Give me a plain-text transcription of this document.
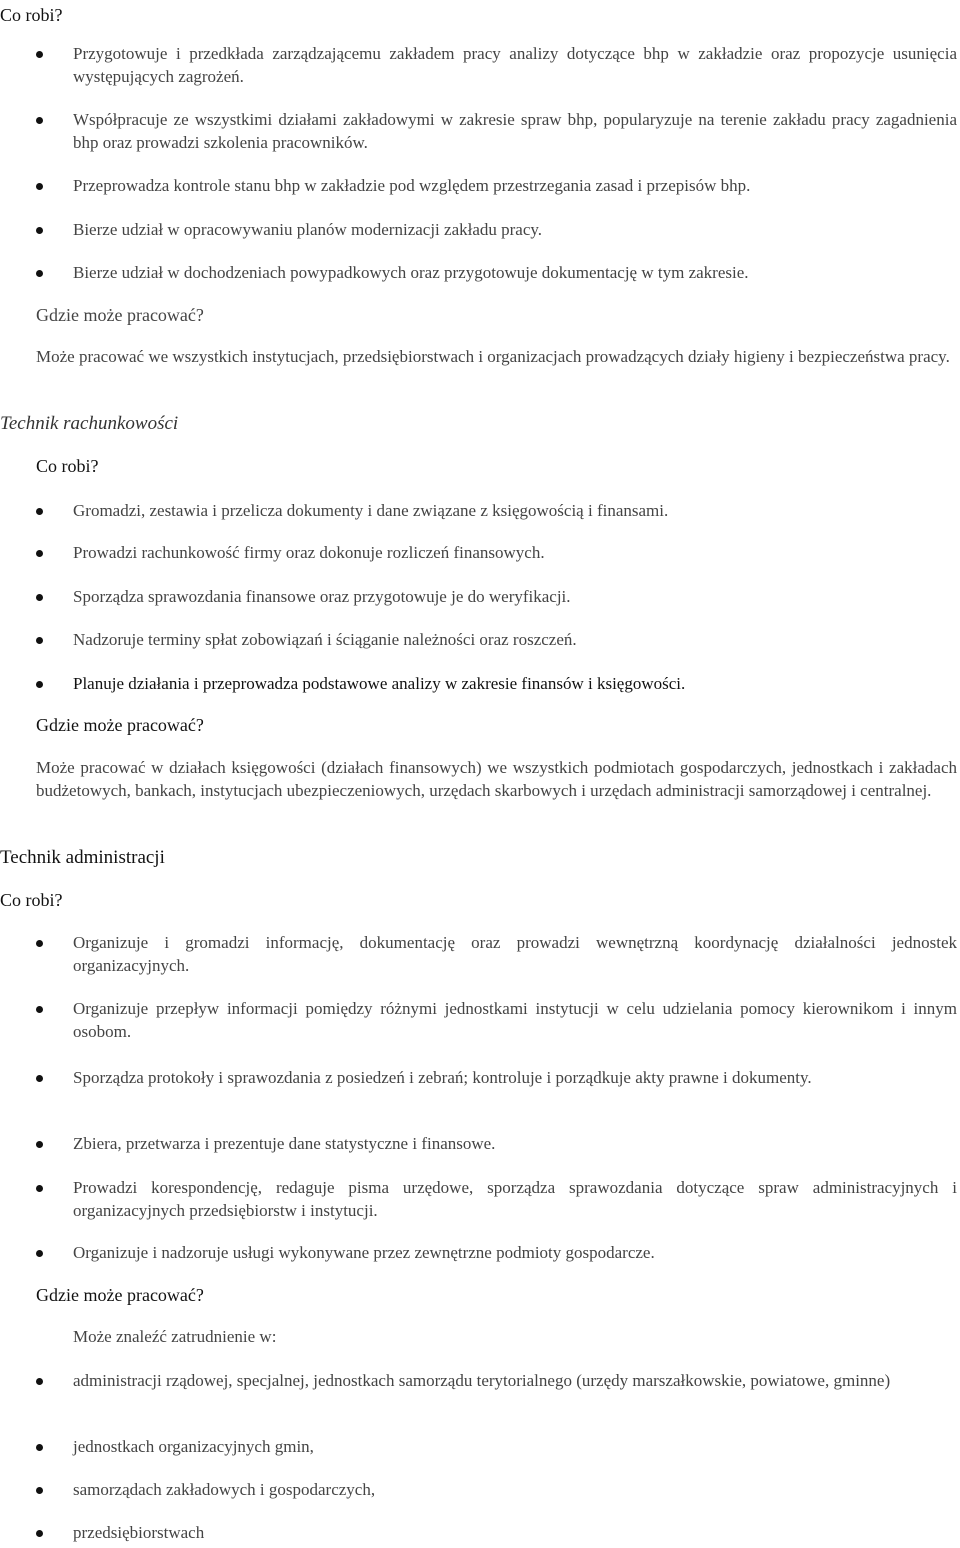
Co robi?

Przygotowuje i przedkłada zarządzającemu zakładem pracy analizy dotyczące bhp w zakładzie oraz propozycje usunięcia występujących zagrożeń.

Współpracuje ze wszystkimi działami zakładowymi w zakresie spraw bhp, popularyzuje na terenie zakładu pracy zagadnienia bhp oraz prowadzi szkolenia pracowników.

Przeprowadza kontrole stanu bhp w zakładzie pod względem przestrzegania zasad i przepisów bhp.

Bierze udział w opracowywaniu planów modernizacji zakładu pracy.

Bierze udział w dochodzeniach powypadkowych oraz przygotowuje dokumentację w tym zakresie.

Gdzie może pracować?

Może pracować we wszystkich instytucjach, przedsiębiorstwach i organizacjach prowadzących działy higieny i bezpieczeństwa pracy.

Technik rachunkowości

Co robi?

Gromadzi, zestawia i przelicza dokumenty i dane związane z księgowością i finansami.

Prowadzi rachunkowość firmy oraz dokonuje rozliczeń finansowych.

Sporządza sprawozdania finansowe oraz przygotowuje je do weryfikacji.

Nadzoruje terminy spłat zobowiązań i ściąganie należności oraz roszczeń.

Planuje działania i przeprowadza podstawowe analizy w zakresie finansów i księgowości.

Gdzie może pracować?

Może pracować w działach księgowości (działach finansowych) we wszystkich podmiotach gospodarczych, jednostkach i zakładach budżetowych, bankach, instytucjach ubezpieczeniowych, urzędach skarbowych i urzędach administracji samorządowej i centralnej.

Technik administracji

Co robi?

Organizuje i gromadzi informację, dokumentację oraz prowadzi wewnętrzną koordynację działalności jednostek organizacyjnych.

Organizuje przepływ informacji pomiędzy różnymi jednostkami instytucji w celu udzielania pomocy kierownikom i innym osobom.

Sporządza protokoły i sprawozdania z posiedzeń i zebrań; kontroluje i porządkuje akty prawne i dokumenty.

Zbiera, przetwarza i prezentuje dane statystyczne i finansowe.

Prowadzi korespondencję, redaguje pisma urzędowe, sporządza sprawozdania dotyczące spraw administracyjnych i organizacyjnych przedsiębiorstw i instytucji.

Organizuje i nadzoruje usługi wykonywane przez zewnętrzne podmioty gospodarcze.

Gdzie może pracować?

Może znaleźć zatrudnienie w:

administracji rządowej, specjalnej, jednostkach samorządu terytorialnego (urzędy marszałkowskie, powiatowe, gminne)

jednostkach organizacyjnych gmin,

samorządach zakładowych i gospodarczych,

przedsiębiorstwach
